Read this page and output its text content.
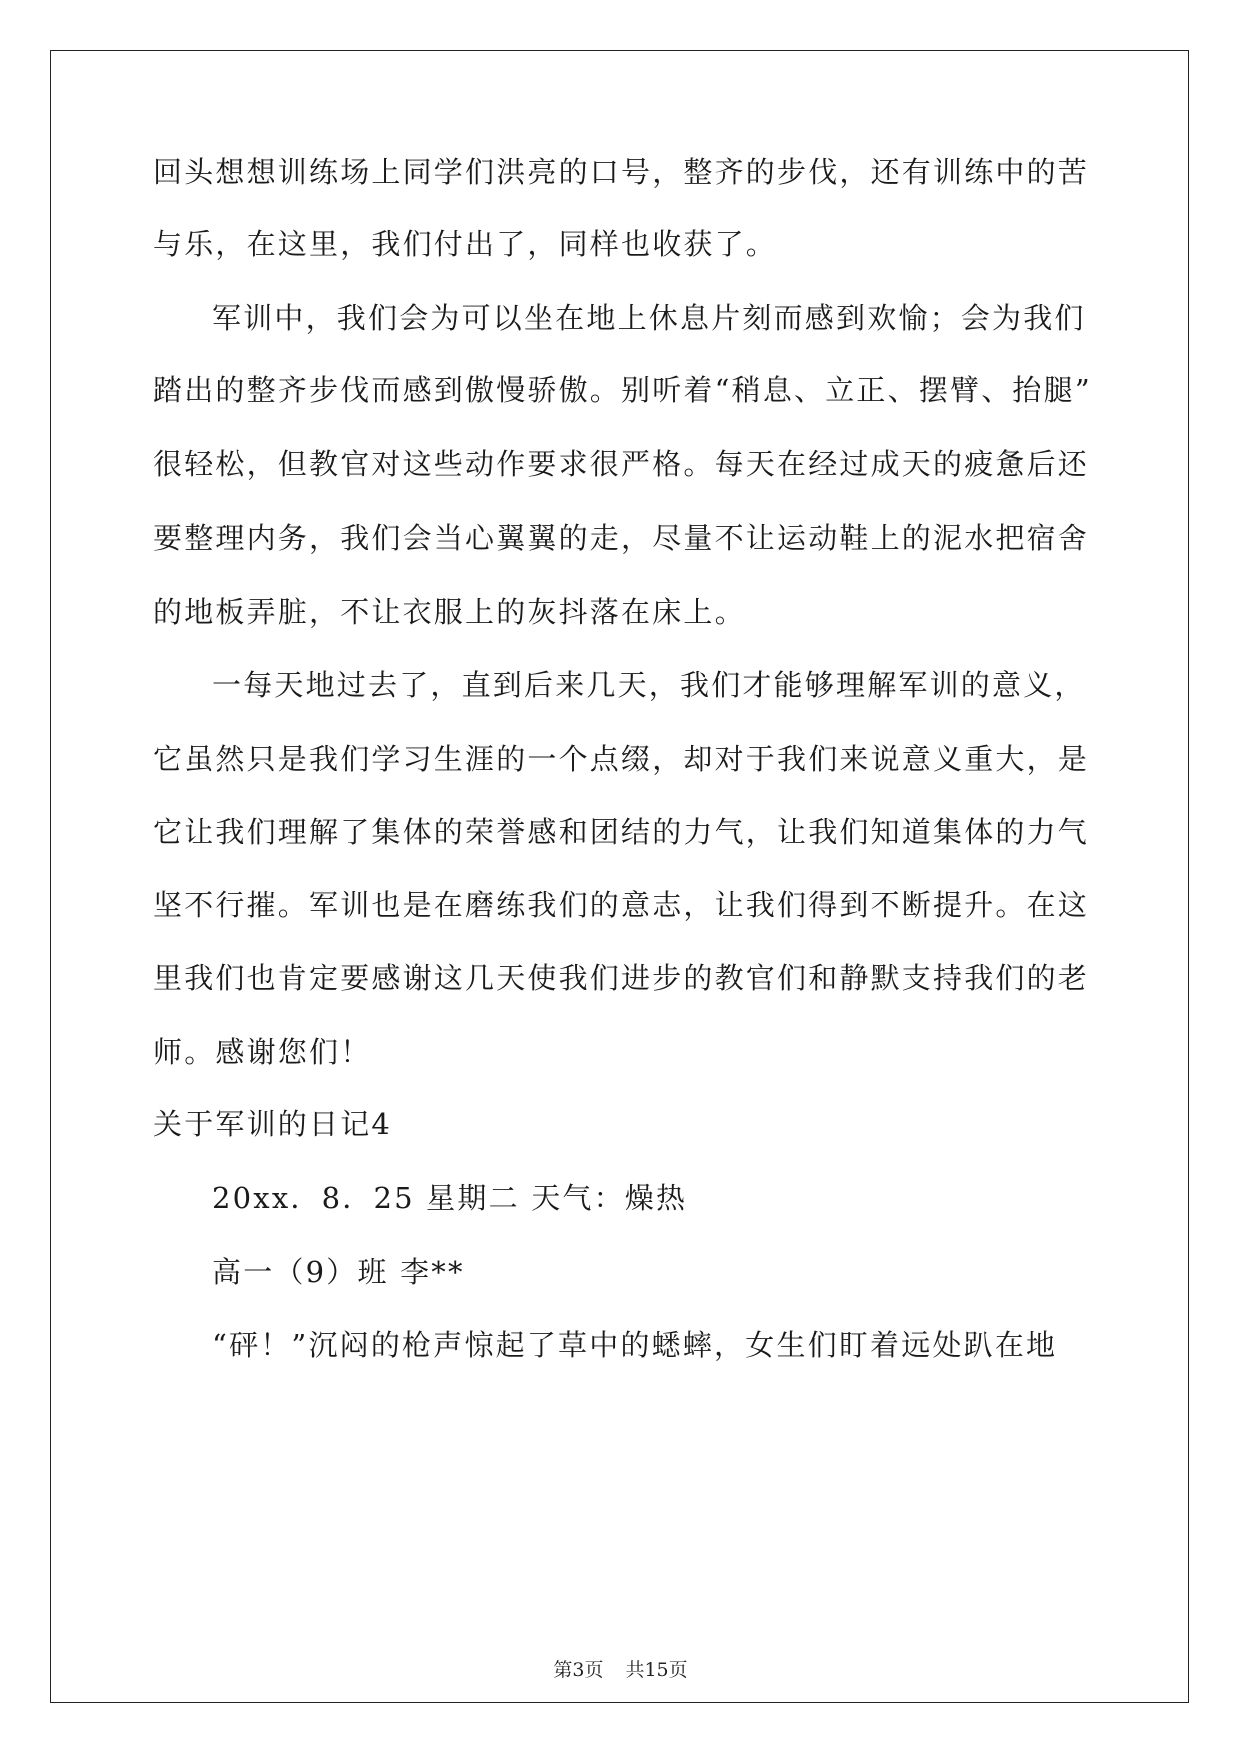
回头想想训练场上同学们洪亮的口号，整齐的步伐，还有训练中的苦
与乐，在这里，我们付出了，同样也收获了。
军训中，我们会为可以坐在地上休息片刻而感到欢愉；会为我们
踏出的整齐步伐而感到傲慢骄傲。别听着“稍息、立正、摆臂、抬腿”
很轻松，但教官对这些动作要求很严格。每天在经过成天的疲惫后还
要整理内务，我们会当心翼翼的走，尽量不让运动鞋上的泥水把宿舍
的地板弄脏，不让衣服上的灰抖落在床上。
一每天地过去了，直到后来几天，我们才能够理解军训的意义，
它虽然只是我们学习生涯的一个点缀，却对于我们来说意义重大，是
它让我们理解了集体的荣誉感和团结的力气，让我们知道集体的力气
坚不行摧。军训也是在磨练我们的意志，让我们得到不断提升。在这
里我们也肯定要感谢这几天使我们进步的教官们和静默支持我们的老
师。感谢您们！
关于军训的日记4
20xx．8．25 星期二 天气：燥热
高一（9）班 李**
“砰！”沉闷的枪声惊起了草中的蟋蟀，女生们盯着远处趴在地
第3页 共15页
